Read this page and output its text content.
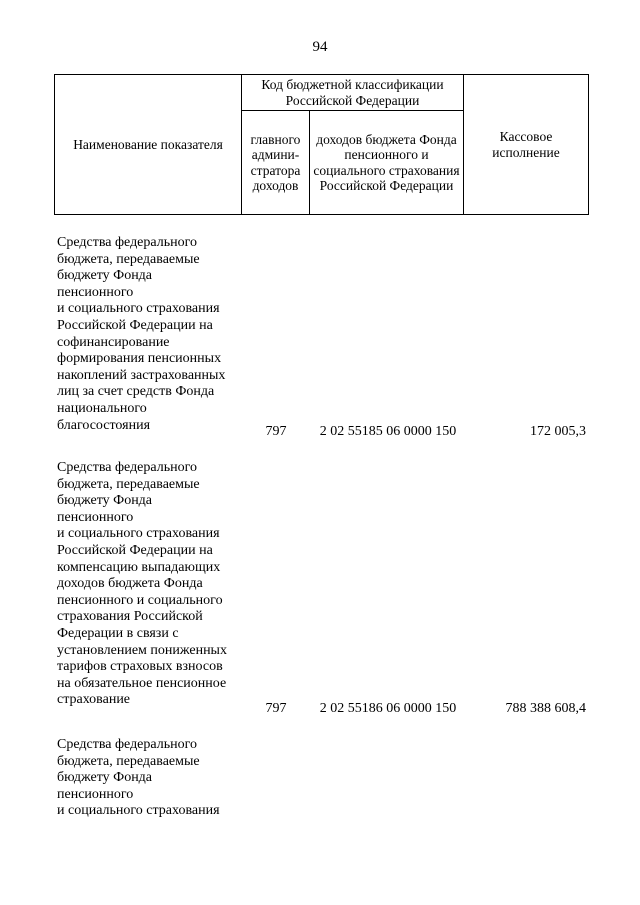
94
Наименование показателя	Код бюджетной классификации Российской Федерации		Кассовое исполнение
	главного админи-стратора доходов	доходов бюджета Фонда пенсионного и социального страхования Российской Федерации	
Средства федерального
бюджета, передаваемые
бюджету Фонда
пенсионного
и социального страхования
Российской Федерации на
софинансирование
формирования пенсионных
накоплений застрахованных
лиц за счет средств Фонда
национального
благосостояния	797	2 02 55185 06 0000 150	172 005,3
Средства федерального
бюджета, передаваемые
бюджету Фонда
пенсионного
и социального страхования
Российской Федерации на
компенсацию выпадающих
доходов бюджета Фонда
пенсионного и социального
страхования Российской
Федерации в связи с
установлением пониженных
тарифов страховых взносов
на обязательное пенсионное
страхование
797	2 02 55186 06 0000 150	788 388 608,4
Средства федерального
бюджета, передаваемые
бюджету Фонда
пенсионного
и социального страхования
